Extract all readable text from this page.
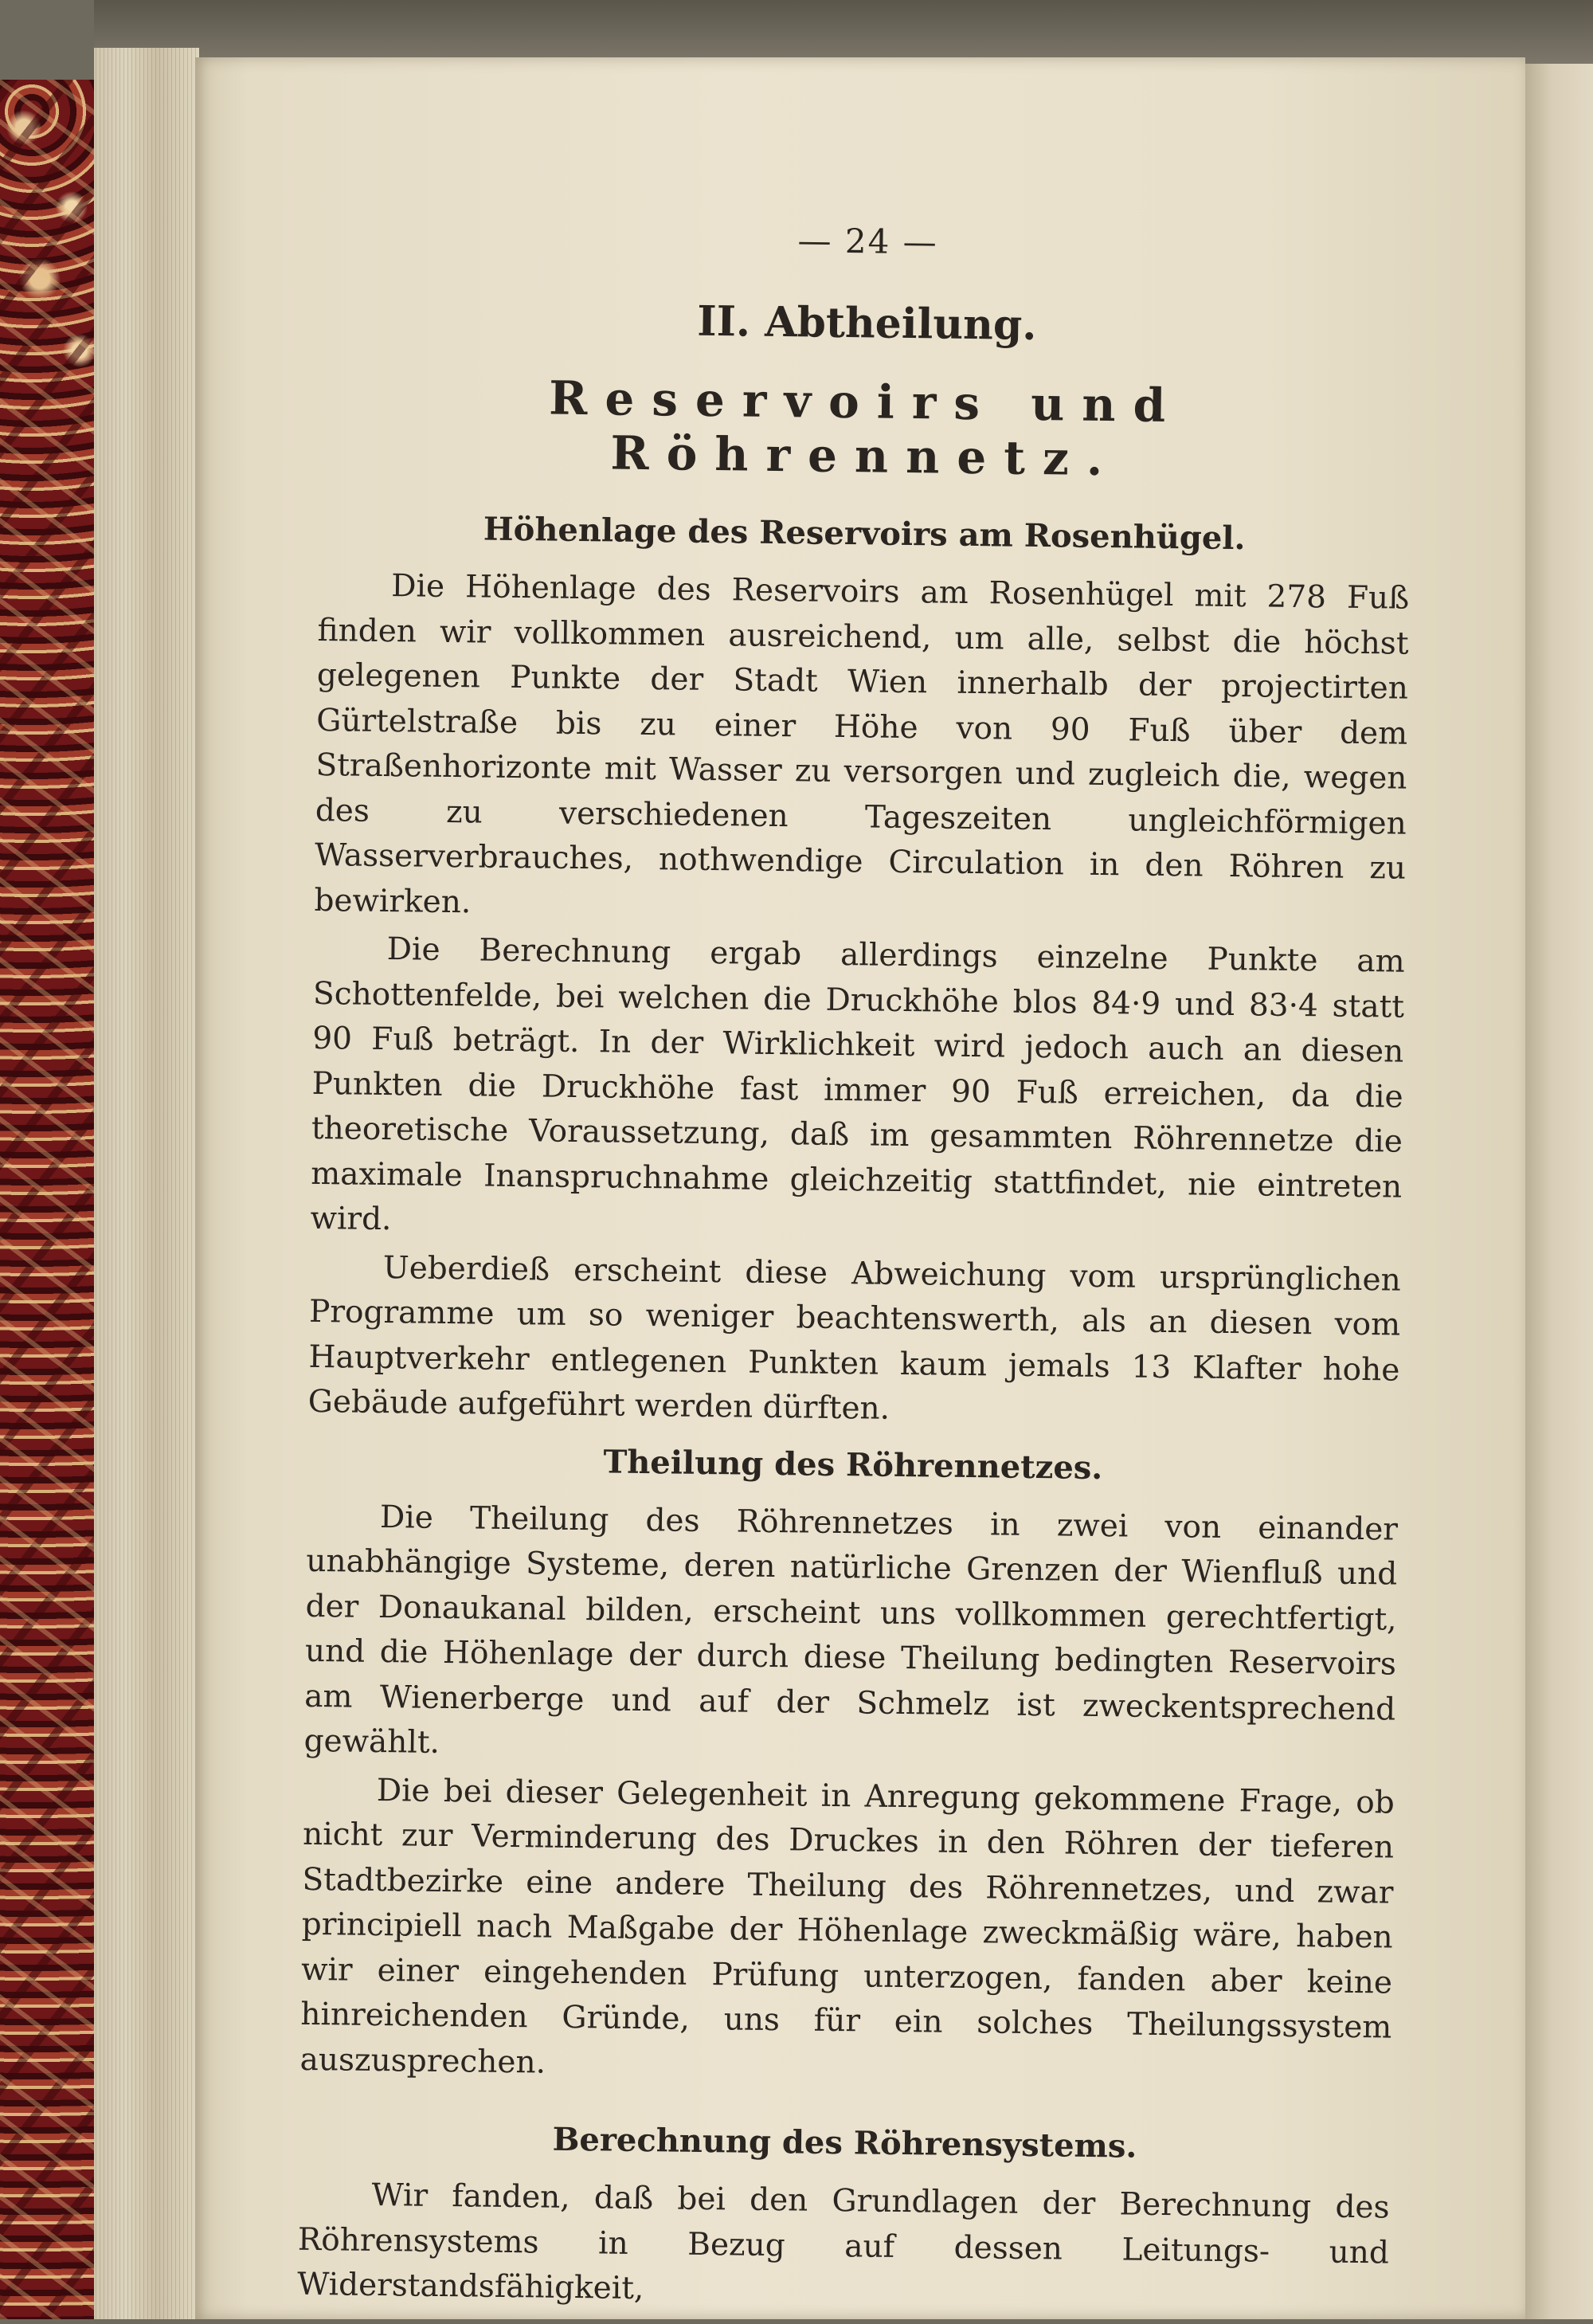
— 24 —
II. Abtheilung.
Reservoirs und Röhrennetz.
Höhenlage des Reservoirs am Rosenhügel.

Die Höhenlage des Reservoirs am Rosenhügel mit 278 Fuß finden wir vollkommen ausreichend, um alle, selbst die höchst gelegenen Punkte der Stadt Wien innerhalb der projectirten Gürtelstraße bis zu einer Höhe von 90 Fuß über dem Straßenhorizonte mit Wasser zu versorgen und zugleich die, wegen des zu verschiedenen Tageszeiten ungleichförmigen Wasserverbrauches, nothwendige Circulation in den Röhren zu bewirken.

Die Berechnung ergab allerdings einzelne Punkte am Schottenfelde, bei welchen die Druckhöhe blos 84·9 und 83·4 statt 90 Fuß beträgt. In der Wirklichkeit wird jedoch auch an diesen Punkten die Druckhöhe fast immer 90 Fuß erreichen, da die theoretische Voraussetzung, daß im gesammten Röhrennetze die maximale Inanspruchnahme gleichzeitig stattfindet, nie eintreten wird.

Ueberdieß erscheint diese Abweichung vom ursprünglichen Programme um so weniger beachtenswerth, als an diesen vom Hauptverkehr entlegenen Punkten kaum jemals 13 Klafter hohe Gebäude aufgeführt werden dürften.

Theilung des Röhrennetzes.

Die Theilung des Röhrennetzes in zwei von einander unabhängige Systeme, deren natürliche Grenzen der Wienfluß und der Donaukanal bilden, erscheint uns vollkommen gerechtfertigt, und die Höhenlage der durch diese Theilung bedingten Reservoirs am Wienerberge und auf der Schmelz ist zweckentsprechend gewählt.

Die bei dieser Gelegenheit in Anregung gekommene Frage, ob nicht zur Verminderung des Druckes in den Röhren der tieferen Stadtbezirke eine andere Theilung des Röhrennetzes, und zwar principiell nach Maßgabe der Höhenlage zweckmäßig wäre, haben wir einer eingehenden Prüfung unterzogen, fanden aber keine hinreichenden Gründe, uns für ein solches Theilungssystem auszusprechen.

Berechnung des Röhrensystems.

Wir fanden, daß bei den Grundlagen der Berechnung des Röhrensystems in Bezug auf dessen Leitungs- und Widerstandsfähigkeit,
